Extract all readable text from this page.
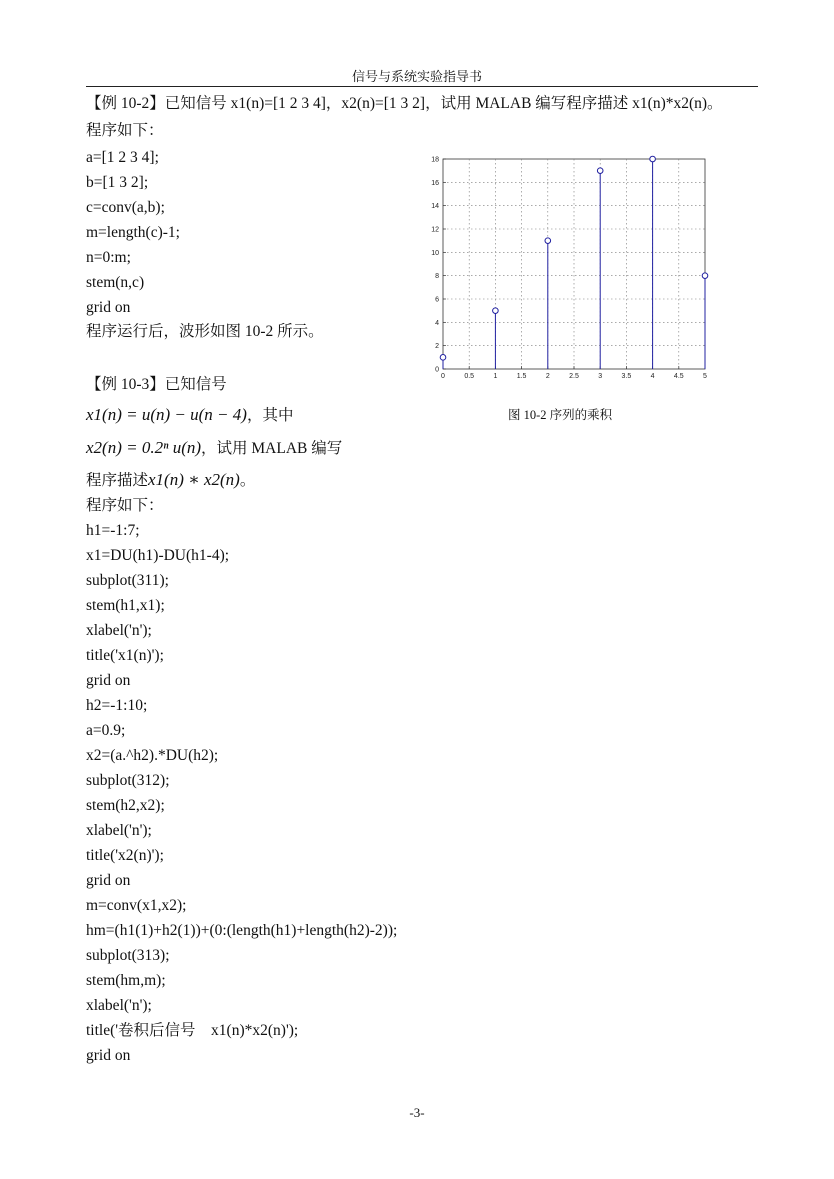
信号与系统实验指导书
【例 10-2】已知信号 x1(n)=[1 2 3 4]，x2(n)=[1 3 2]，试用 MALAB 编写程序描述 x1(n)*x2(n)。
程序如下：
a=[1 2 3 4];
b=[1 3 2];
c=conv(a,b);
m=length(c)-1;
n=0:m;
stem(n,c)
grid on
程序运行后，波形如图 10-2 所示。
0	0.5	1	1.5	2	2.5	3	3.5	4	4.5	5
0
2
4
6
8
10
12
14
16
18
图 10-2 序列的乘积
【例 10-3】已知信号
x1(n) = u(n) − u(n − 4)，其中
x2(n) = 0.2ⁿ u(n)，试用 MALAB 编写
程序描述x1(n) ∗ x2(n)。
程序如下：
h1=-1:7;
x1=DU(h1)-DU(h1-4);
subplot(311);
stem(h1,x1);
xlabel('n');
title('x1(n)');
grid on
h2=-1:10;
a=0.9;
x2=(a.^h2).*DU(h2);
subplot(312);
stem(h2,x2);
xlabel('n');
title('x2(n)');
grid on
m=conv(x1,x2);
hm=(h1(1)+h2(1))+(0:(length(h1)+length(h2)-2));
subplot(313);
stem(hm,m);
xlabel('n');
title('卷积后信号    x1(n)*x2(n)');
grid on
-3-
